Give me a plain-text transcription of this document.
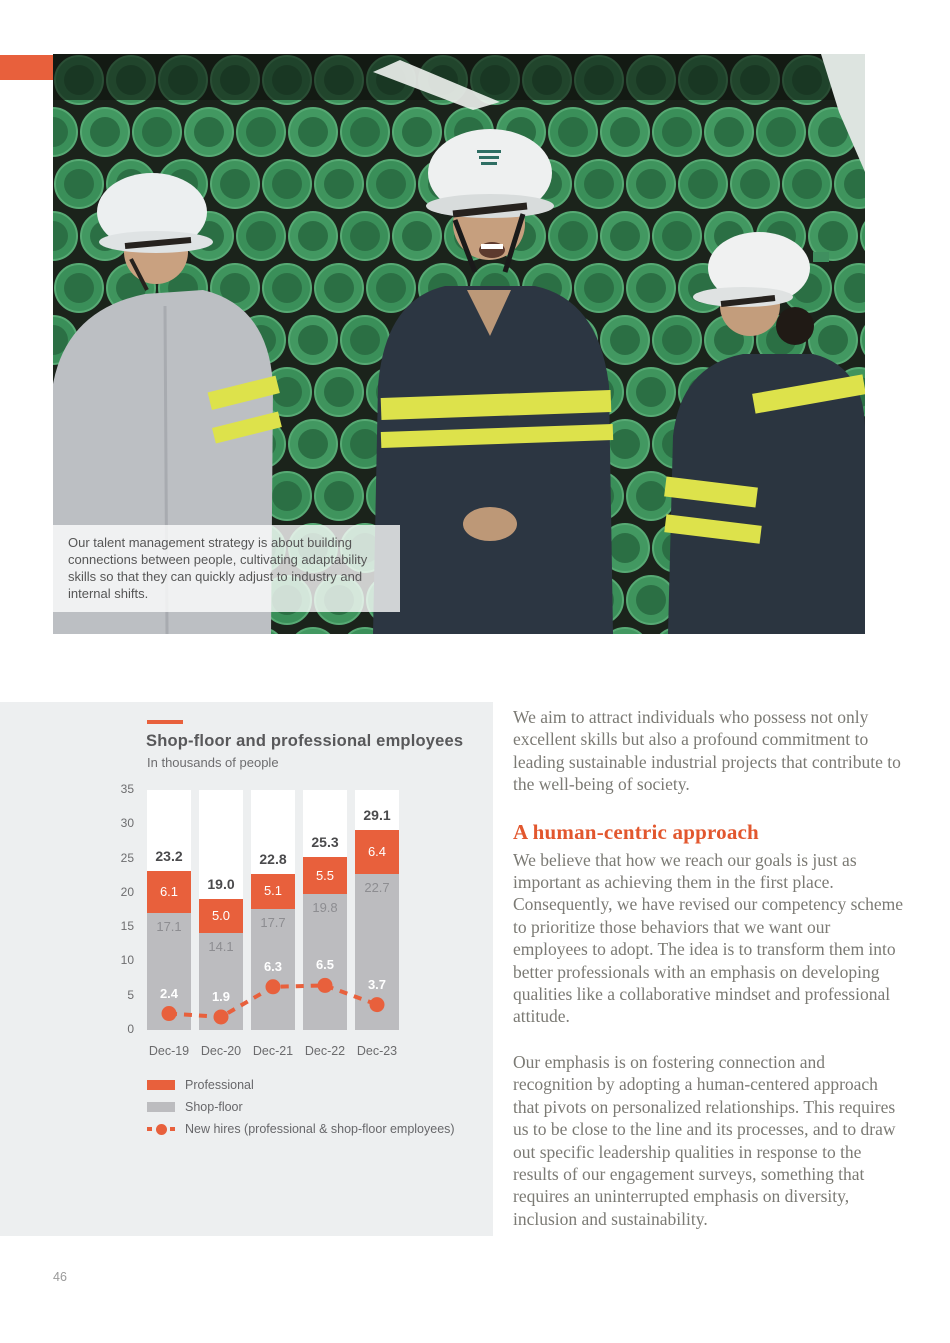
Our talent management strategy is about building connections between people, cultivating adaptability skills so that they can quickly adjust to industry and internal shifts.
Shop-floor and professional employees
In thousands of people
0
5
10
15
20
25
30
35
17.1
6.1
23.2
Dec-19
14.1
5.0
19.0
Dec-20
17.7
5.1
22.8
Dec-21
19.8
5.5
25.3
Dec-22
22.7
6.4
29.1
Dec-23
2.4	1.9
6.3	6.5
3.7
Professional
Shop-floor
New hires (professional & shop-floor employees)

We aim to attract individuals who possess not only excellent skills but also a profound commitment to leading sustainable industrial projects that contribute to the well-being of society.

A human-centric approach

We believe that how we reach our goals is just as important as achieving them in the first place. Consequently, we have revised our competency scheme to prioritize those behaviors that we want our employees to adopt. The idea is to transform them into better professionals with an emphasis on developing qualities like a collaborative mindset and professional attitude.

Our emphasis is on fostering connection and recognition by adopting a human-centered approach that pivots on personalized relationships. This requires us to be close to the line and its processes, and to draw out specific leadership qualities in response to the results of our engagement surveys, something that requires an uninterrupted emphasis on diversity, inclusion and sustainability.

46
